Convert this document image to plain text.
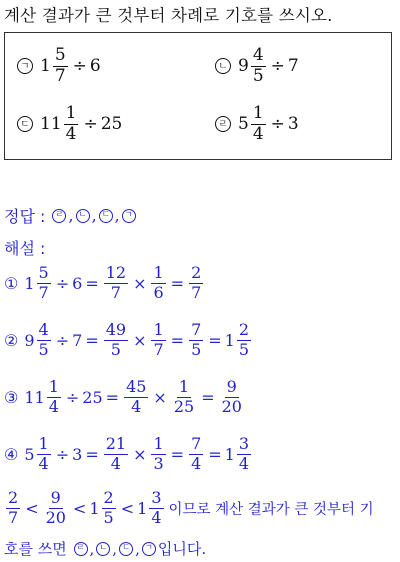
계산 결과가 큰 것부터 차례로 기호를 쓰시오.
ㄱ $1 \frac{5}{7} \div 6$	ㄴ $9 \frac{4}{5} \div 7$
ㄷ $11 \frac{1}{4} \div 25$	ㄹ $5 \frac{1}{4} \div 3$
정답 : ㄹ , ㄴ , ㄷ , ㄱ
해설 :
① $1 \frac{5}{7} \div 6 = \frac{12}{7} \times \frac{1}{6} = \frac{2}{7}$
② $9 \frac{4}{5} \div 7 = \frac{49}{5} \times \frac{1}{7} = \frac{7}{5} = 1 \frac{2}{5}$
③ $11 \frac{1}{4} \div 25 = \frac{45}{4} \times \frac{1}{25} = \frac{9}{20}$
④ $5 \frac{1}{4} \div 3 = \frac{21}{4} \times \frac{1}{3} = \frac{7}{4} = 1 \frac{3}{4}$
$\frac{2}{7} < \frac{9}{20} < 1 \frac{2}{5} < 1 \frac{3}{4}$ 이므로 계산 결과가 큰 것부터 기
호를 쓰면 ㄹ , ㄴ , ㄷ , ㄱ 입니다.
